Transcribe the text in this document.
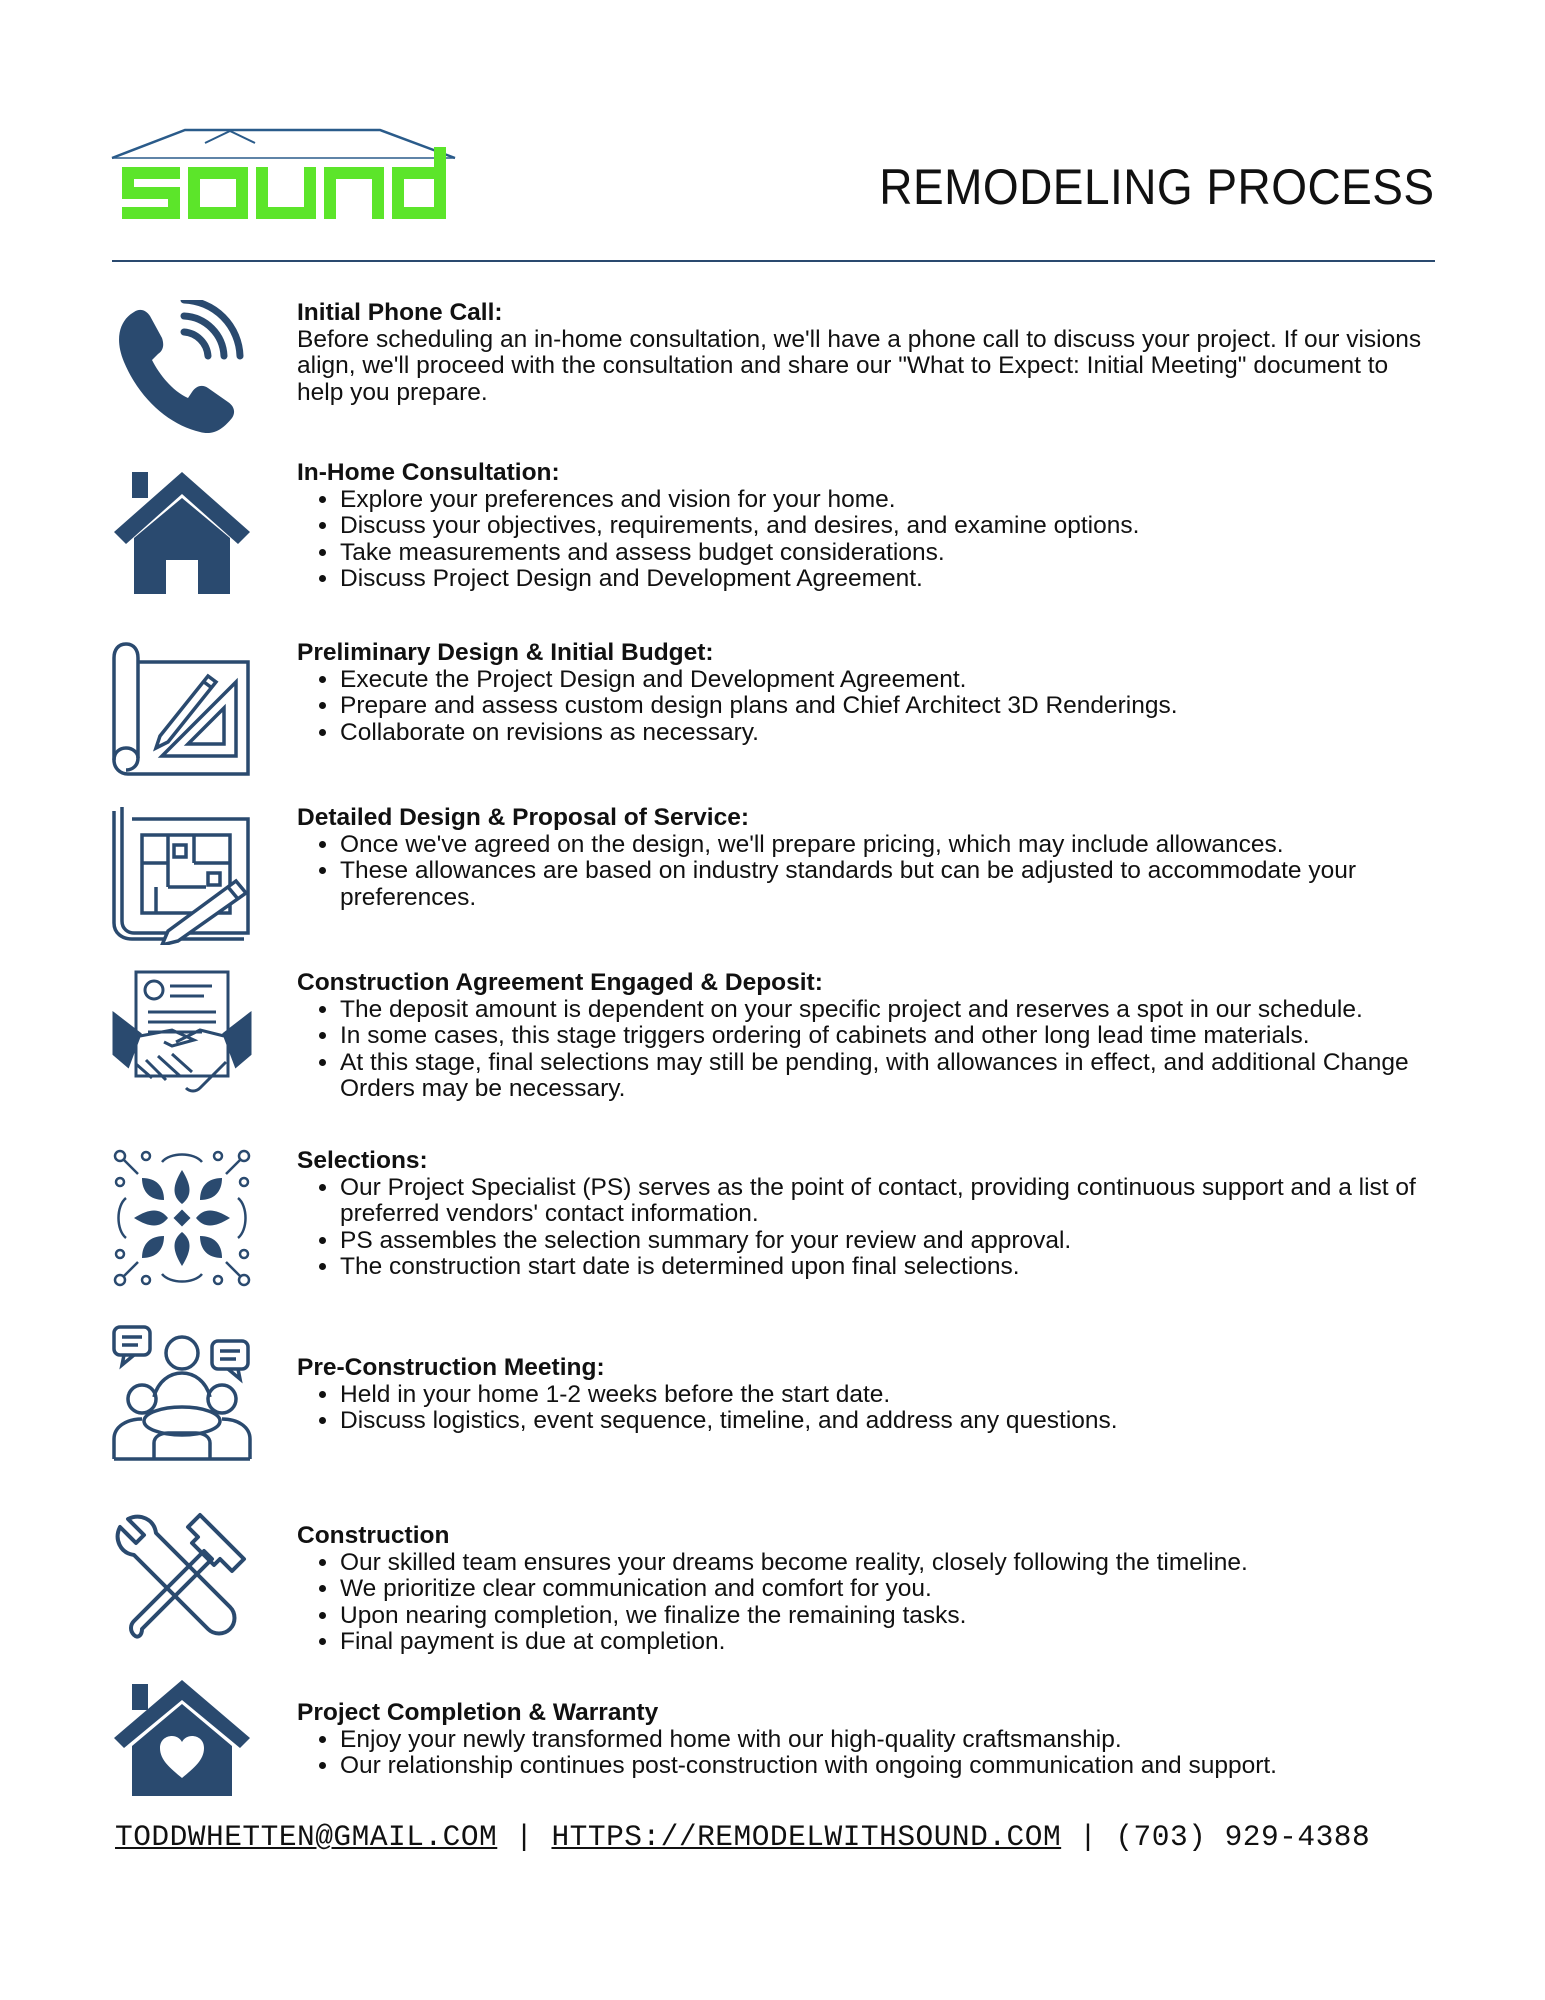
REMODELING PROCESS
Initial Phone Call:

Before scheduling an in-home consultation, we'll have a phone call to discuss your project. If our visions align, we'll proceed with the consultation and share our "What to Expect: Initial Meeting" document to help you prepare.

In-Home Consultation:
• Explore your preferences and vision for your home.
• Discuss your objectives, requirements, and desires, and examine options.
• Take measurements and assess budget considerations.
• Discuss Project Design and Development Agreement.
Preliminary Design & Initial Budget:
• Execute the Project Design and Development Agreement.
• Prepare and assess custom design plans and Chief Architect 3D Renderings.
• Collaborate on revisions as necessary.
Detailed Design & Proposal of Service:
• Once we've agreed on the design, we'll prepare pricing, which may include allowances.
• These allowances are based on industry standards but can be adjusted to accommodate your preferences.
Construction Agreement Engaged & Deposit:
• The deposit amount is dependent on your specific project and reserves a spot in our schedule.
• In some cases, this stage triggers ordering of cabinets and other long lead time materials.
• At this stage, final selections may still be pending, with allowances in effect, and additional Change Orders may be necessary.
Selections:
• Our Project Specialist (PS) serves as the point of contact, providing continuous support and a list of preferred vendors' contact information.
• PS assembles the selection summary for your review and approval.
• The construction start date is determined upon final selections.
Pre-Construction Meeting:
• Held in your home 1-2 weeks before the start date.
• Discuss logistics, event sequence, timeline, and address any questions.
Construction
• Our skilled team ensures your dreams become reality, closely following the timeline.
• We prioritize clear communication and comfort for you.
• Upon nearing completion, we finalize the remaining tasks.
• Final payment is due at completion.
Project Completion & Warranty
• Enjoy your newly transformed home with our high-quality craftsmanship.
• Our relationship continues post-construction with ongoing communication and support.
TODDWHETTEN@GMAIL.COM | HTTPS://REMODELWITHSOUND.COM | (703) 929-4388
